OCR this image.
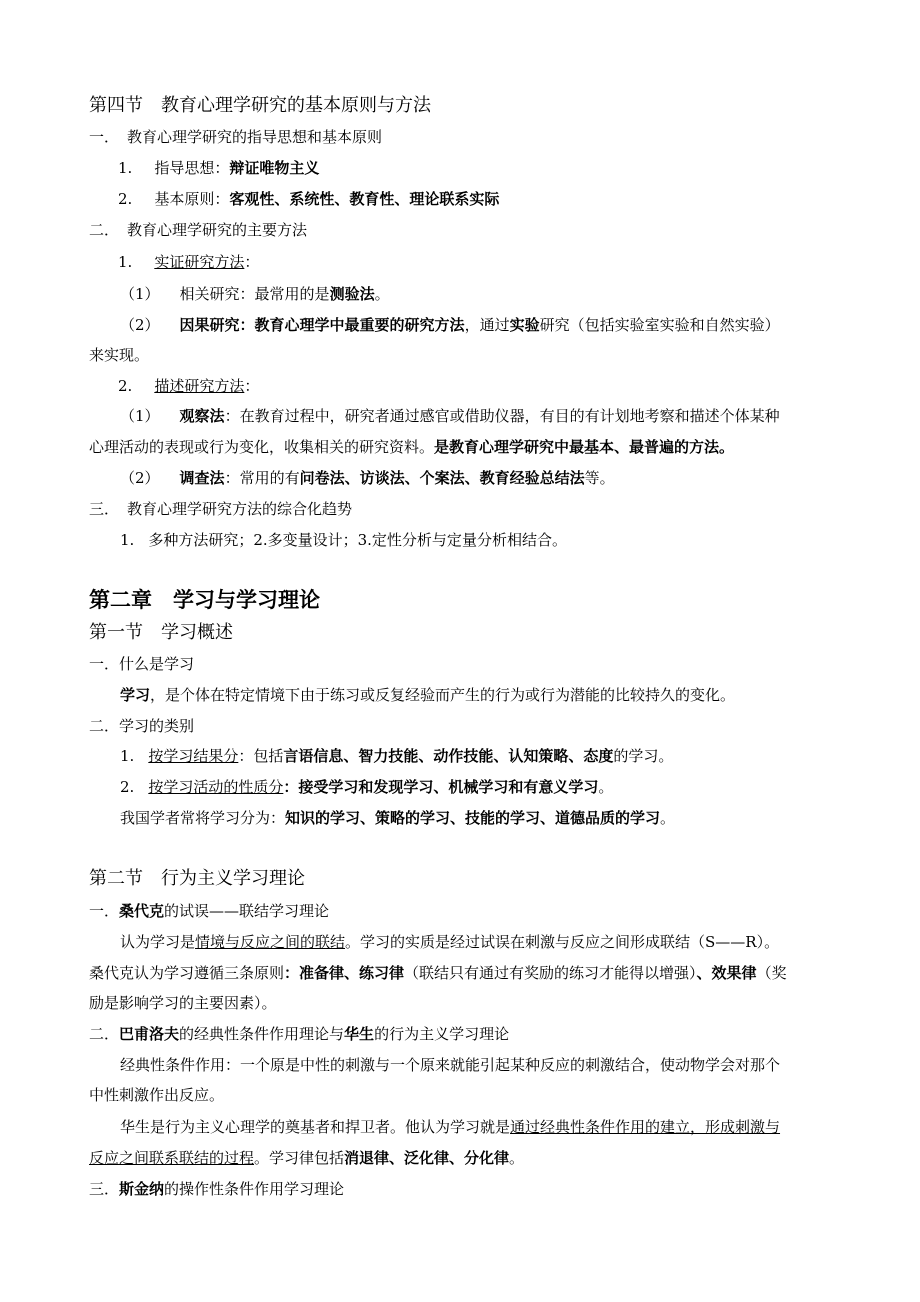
第四节　教育心理学研究的基本原则与方法
一． 教育心理学研究的指导思想和基本原则
1. 指导思想：辩证唯物主义
2. 基本原则：客观性、系统性、教育性、理论联系实际
二． 教育心理学研究的主要方法
1. 实证研究方法：
（1） 相关研究：最常用的是测验法。
（2） 因果研究：教育心理学中最重要的研究方法，通过实验研究（包括实验室实验和自然实验）
来实现。
2. 描述研究方法：
（1） 观察法：在教育过程中，研究者通过感官或借助仪器，有目的有计划地考察和描述个体某种
心理活动的表现或行为变化，收集相关的研究资料。是教育心理学研究中最基本、最普遍的方法。
（2） 调查法：常用的有问卷法、访谈法、个案法、教育经验总结法等。
三． 教育心理学研究方法的综合化趋势
1. 多种方法研究；2.多变量设计；3.定性分析与定量分析相结合。
第二章　学习与学习理论
第一节　学习概述
一．什么是学习
学习，是个体在特定情境下由于练习或反复经验而产生的行为或行为潜能的比较持久的变化。
二．学习的类别
1. 按学习结果分：包括言语信息、智力技能、动作技能、认知策略、态度的学习。
2. 按学习活动的性质分：接受学习和发现学习、机械学习和有意义学习。
我国学者常将学习分为：知识的学习、策略的学习、技能的学习、道德品质的学习。
第二节　行为主义学习理论
一．桑代克的试误——联结学习理论
认为学习是情境与反应之间的联结。学习的实质是经过试误在刺激与反应之间形成联结（S——R）。
桑代克认为学习遵循三条原则：准备律、练习律（联结只有通过有奖励的练习才能得以增强）、效果律（奖
励是影响学习的主要因素）。
二．巴甫洛夫的经典性条件作用理论与华生的行为主义学习理论
经典性条件作用：一个原是中性的刺激与一个原来就能引起某种反应的刺激结合，使动物学会对那个
中性刺激作出反应。
华生是行为主义心理学的奠基者和捍卫者。他认为学习就是通过经典性条件作用的建立，形成刺激与
反应之间联系联结的过程。学习律包括消退律、泛化律、分化律。
三．斯金纳的操作性条件作用学习理论
